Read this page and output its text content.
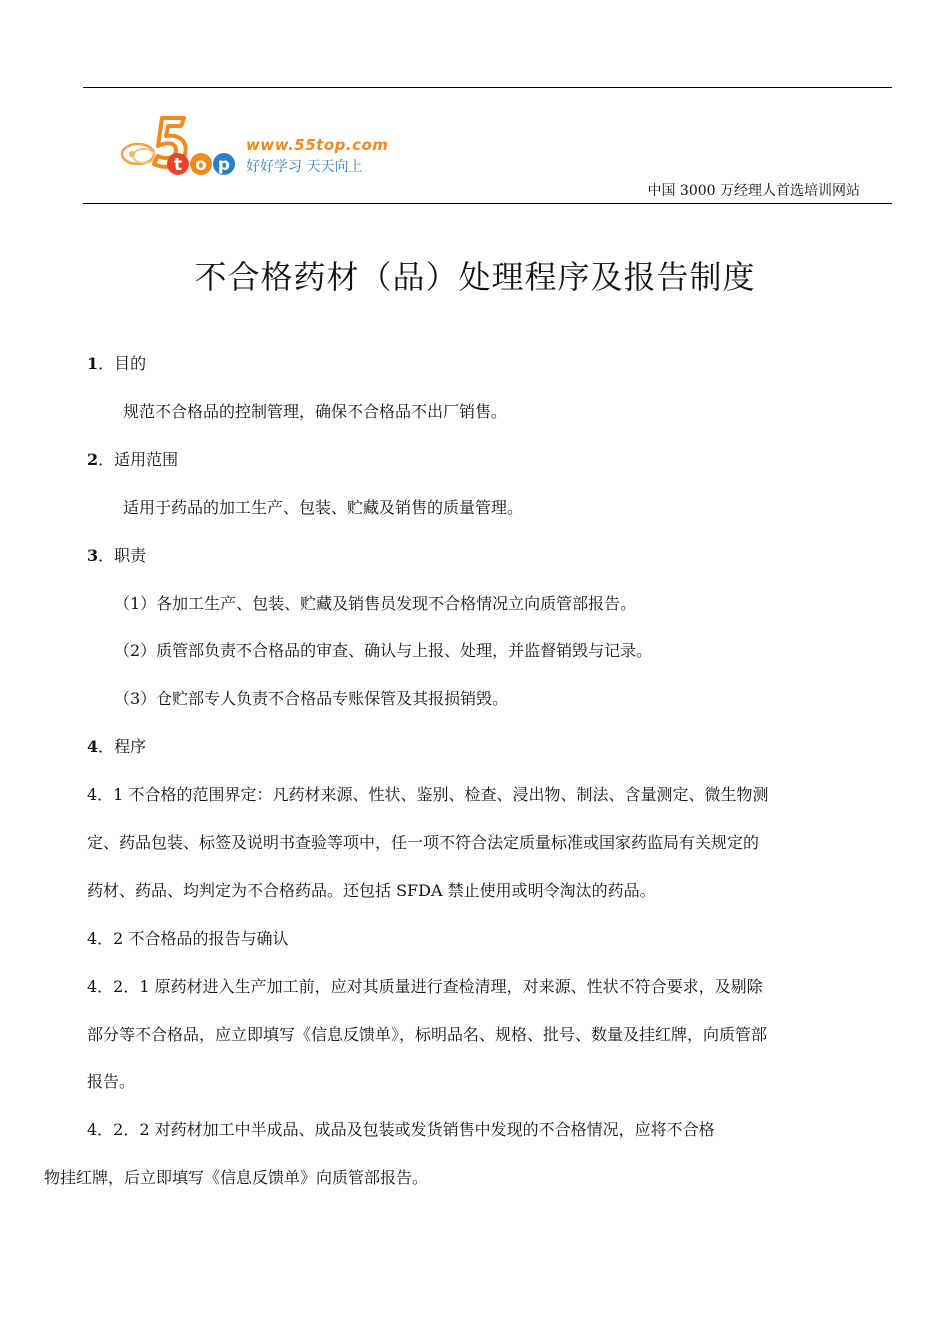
t o p
www.55top.com
好好学习 天天向上
中国 3000 万经理人首选培训网站
不合格药材（品）处理程序及报告制度
1．目的
规范不合格品的控制管理，确保不合格品不出厂销售。
2．适用范围
适用于药品的加工生产、包装、贮藏及销售的质量管理。
3．职责
（1）各加工生产、包装、贮藏及销售员发现不合格情况立向质管部报告。
（2）质管部负责不合格品的审查、确认与上报、处理，并监督销毁与记录。
（3）仓贮部专人负责不合格品专账保管及其报损销毁。
4．程序
4．1 不合格的范围界定：凡药材来源、性状、鉴别、检查、浸出物、制法、含量测定、微生物测
定、药品包装、标签及说明书查验等项中，任一项不符合法定质量标准或国家药监局有关规定的
药材、药品、均判定为不合格药品。还包括 SFDA 禁止使用或明令淘汰的药品。
4．2 不合格品的报告与确认
4．2．1 原药材进入生产加工前，应对其质量进行查检清理，对来源、性状不符合要求，及剔除
部分等不合格品，应立即填写《信息反馈单》，标明品名、规格、批号、数量及挂红牌，向质管部
报告。
4．2．2 对药材加工中半成品、成品及包装或发货销售中发现的不合格情况，应将不合格
物挂红牌，后立即填写《信息反馈单》向质管部报告。
